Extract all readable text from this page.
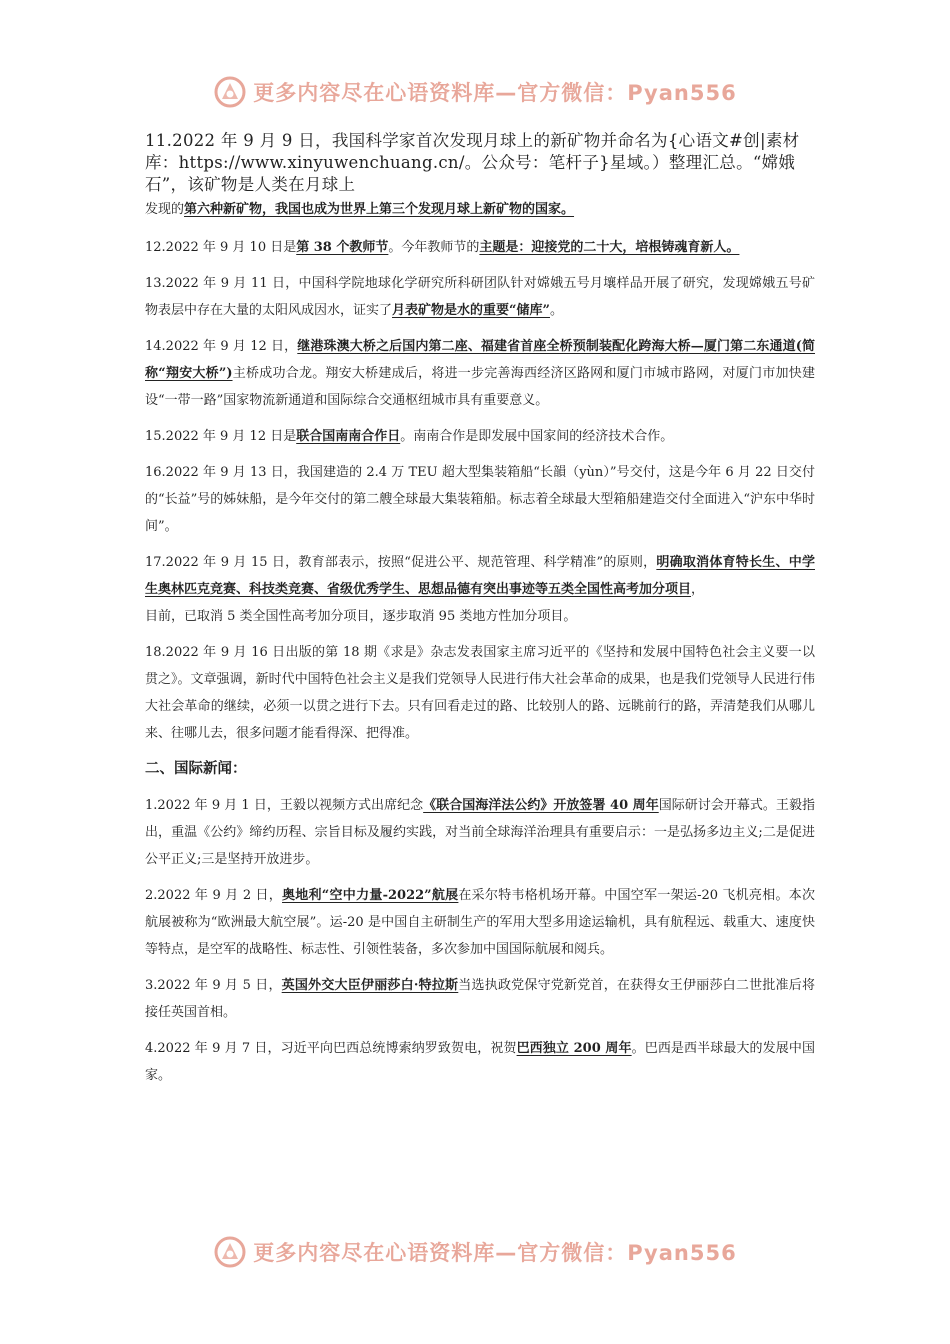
更多内容尽在心语资料库—官方微信：Pyan556

11.2022 年 9 月 9 日，我国科学家首次发现月球上的新矿物并命名为{心语文#创|素材库：https://www.xinyuwenchuang.cn/。公众号：笔杆子}星域。）整理汇总。“嫦娥石”，该矿物是人类在月球上

发现的第六种新矿物，我国也成为世界上第三个发现月球上新矿物的国家。

12.2022 年 9 月 10 日是第 38 个教师节。今年教师节的主题是：迎接党的二十大，培根铸魂育新人。

13.2022 年 9 月 11 日，中国科学院地球化学研究所科研团队针对嫦娥五号月壤样品开展了研究，发现嫦娥五号矿物表层中存在大量的太阳风成因水，证实了月表矿物是水的重要“储库”。

14.2022 年 9 月 12 日，继港珠澳大桥之后国内第二座、福建省首座全桥预制装配化跨海大桥—厦门第二东通道(简称“翔安大桥”)主桥成功合龙。翔安大桥建成后，将进一步完善海西经济区路网和厦门市城市路网，对厦门市加快建设“一带一路”国家物流新通道和国际综合交通枢纽城市具有重要意义。

15.2022 年 9 月 12 日是联合国南南合作日。南南合作是即发展中国家间的经济技术合作。

16.2022 年 9 月 13 日，我国建造的 2.4 万 TEU 超大型集装箱船“长韻（yùn）”号交付，这是今年 6 月 22 日交付的“长益”号的姊妹船，是今年交付的第二艘全球最大集装箱船。标志着全球最大型箱船建造交付全面进入“沪东中华时间”。

17.2022 年 9 月 15 日，教育部表示，按照“促进公平、规范管理、科学精准”的原则，明确取消体育特长生、中学生奥林匹克竞赛、科技类竞赛、省级优秀学生、思想品德有突出事迹等五类全国性高考加分项目，
目前，已取消 5 类全国性高考加分项目，逐步取消 95 类地方性加分项目。

18.2022 年 9 月 16 日出版的第 18 期《求是》杂志发表国家主席习近平的《坚持和发展中国特色社会主义要一以贯之》。文章强调，新时代中国特色社会主义是我们党领导人民进行伟大社会革命的成果，也是我们党领导人民进行伟大社会革命的继续，必须一以贯之进行下去。只有回看走过的路、比较别人的路、远眺前行的路，弄清楚我们从哪儿来、往哪儿去，很多问题才能看得深、把得准。

二、国际新闻：

1.2022 年 9 月 1 日，王毅以视频方式出席纪念《联合国海洋法公约》开放签署 40 周年国际研讨会开幕式。王毅指出，重温《公约》缔约历程、宗旨目标及履约实践，对当前全球海洋治理具有重要启示：一是弘扬多边主义;二是促进公平正义;三是坚持开放进步。

2.2022 年 9 月 2 日，奥地利“空中力量-2022”航展在采尔特韦格机场开幕。中国空军一架运-20 飞机亮相。本次航展被称为“欧洲最大航空展”。运-20 是中国自主研制生产的军用大型多用途运输机，具有航程远、载重大、速度快等特点，是空军的战略性、标志性、引领性装备，多次参加中国国际航展和阅兵。

3.2022 年 9 月 5 日，英国外交大臣伊丽莎白·特拉斯当选执政党保守党新党首，在获得女王伊丽莎白二世批准后将接任英国首相。

4.2022 年 9 月 7 日，习近平向巴西总统博索纳罗致贺电，祝贺巴西独立 200 周年。巴西是西半球最大的发展中国家。

更多内容尽在心语资料库—官方微信：Pyan556
